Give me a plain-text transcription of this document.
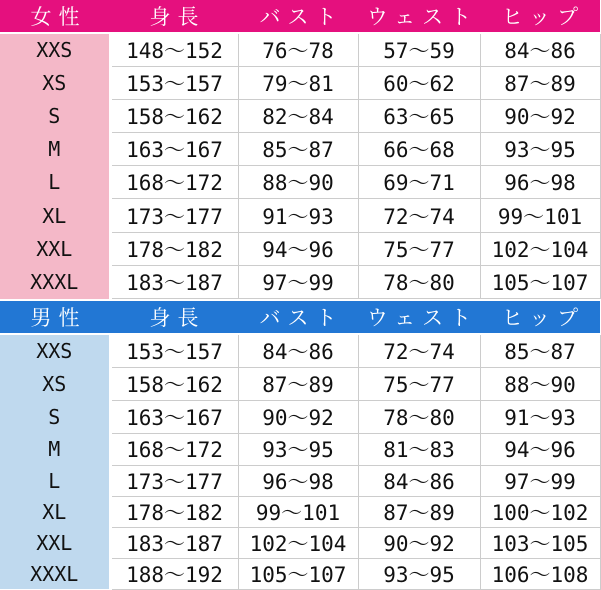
女性	身長	バスト	ウェスト	ヒップ
XXS	148〜152	76〜78	57〜59	84〜86
XS	153〜157	79〜81	60〜62	87〜89
S	158〜162	82〜84	63〜65	90〜92
M	163〜167	85〜87	66〜68	93〜95
L	168〜172	88〜90	69〜71	96〜98
XL	173〜177	91〜93	72〜74	99〜101
XXL	178〜182	94〜96	75〜77	102〜104
XXXL	183〜187	97〜99	78〜80	105〜107
男性	身長	バスト	ウェスト	ヒップ
XXS	153〜157	84〜86	72〜74	85〜87
XS	158〜162	87〜89	75〜77	88〜90
S	163〜167	90〜92	78〜80	91〜93
M	168〜172	93〜95	81〜83	94〜96
L	173〜177	96〜98	84〜86	97〜99
XL	178〜182	99〜101	87〜89	100〜102
XXL	183〜187	102〜104	90〜92	103〜105
XXXL	188〜192	105〜107	93〜95	106〜108
